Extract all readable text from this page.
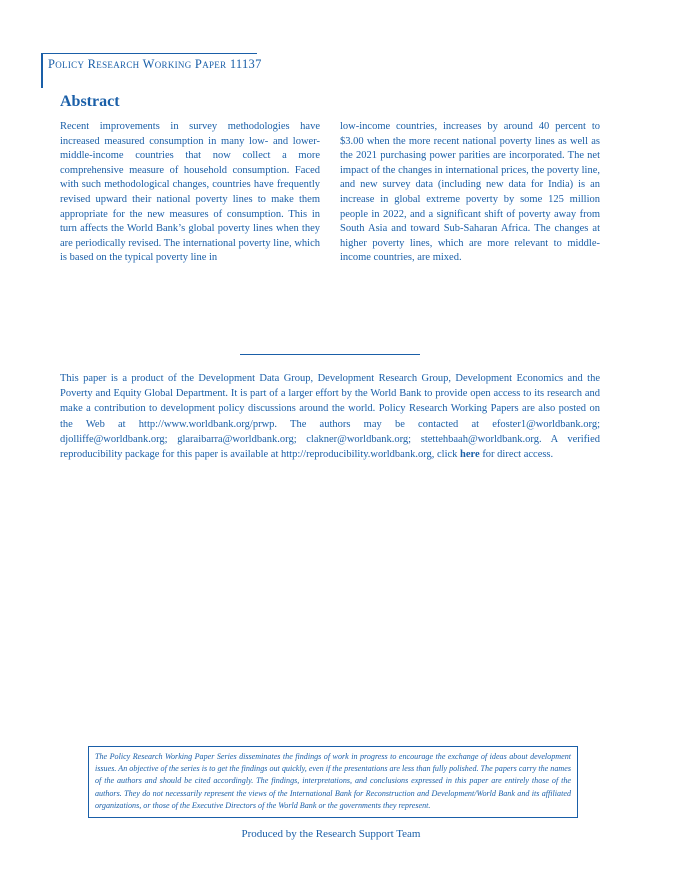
Policy Research Working Paper 11137
Abstract
Recent improvements in survey methodologies have increased measured consumption in many low- and lower-middle-income countries that now collect a more comprehensive measure of household consumption. Faced with such methodological changes, countries have frequently revised upward their national poverty lines to make them appropriate for the new measures of consumption. This in turn affects the World Bank’s global poverty lines when they are periodically revised. The international poverty line, which is based on the typical poverty line in
low-income countries, increases by around 40 percent to $3.00 when the more recent national poverty lines as well as the 2021 purchasing power parities are incorporated. The net impact of the changes in international prices, the poverty line, and new survey data (including new data for India) is an increase in global extreme poverty by some 125 million people in 2022, and a significant shift of poverty away from South Asia and toward Sub-Saharan Africa. The changes at higher poverty lines, which are more relevant to middle-income countries, are mixed.
This paper is a product of the Development Data Group, Development Research Group, Development Economics and the Poverty and Equity Global Department. It is part of a larger effort by the World Bank to provide open access to its research and make a contribution to development policy discussions around the world. Policy Research Working Papers are also posted on the Web at http://www.worldbank.org/prwp. The authors may be contacted at efoster1@worldbank.org; djolliffe@worldbank.org; glaraibarra@worldbank.org; clakner@worldbank.org; stettehbaah@worldbank.org. A verified reproducibility package for this paper is available at http://reproducibility.worldbank.org, click here for direct access.
The Policy Research Working Paper Series disseminates the findings of work in progress to encourage the exchange of ideas about development issues. An objective of the series is to get the findings out quickly, even if the presentations are less than fully polished. The papers carry the names of the authors and should be cited accordingly. The findings, interpretations, and conclusions expressed in this paper are entirely those of the authors. They do not necessarily represent the views of the International Bank for Reconstruction and Development/World Bank and its affiliated organizations, or those of the Executive Directors of the World Bank or the governments they represent.
Produced by the Research Support Team
